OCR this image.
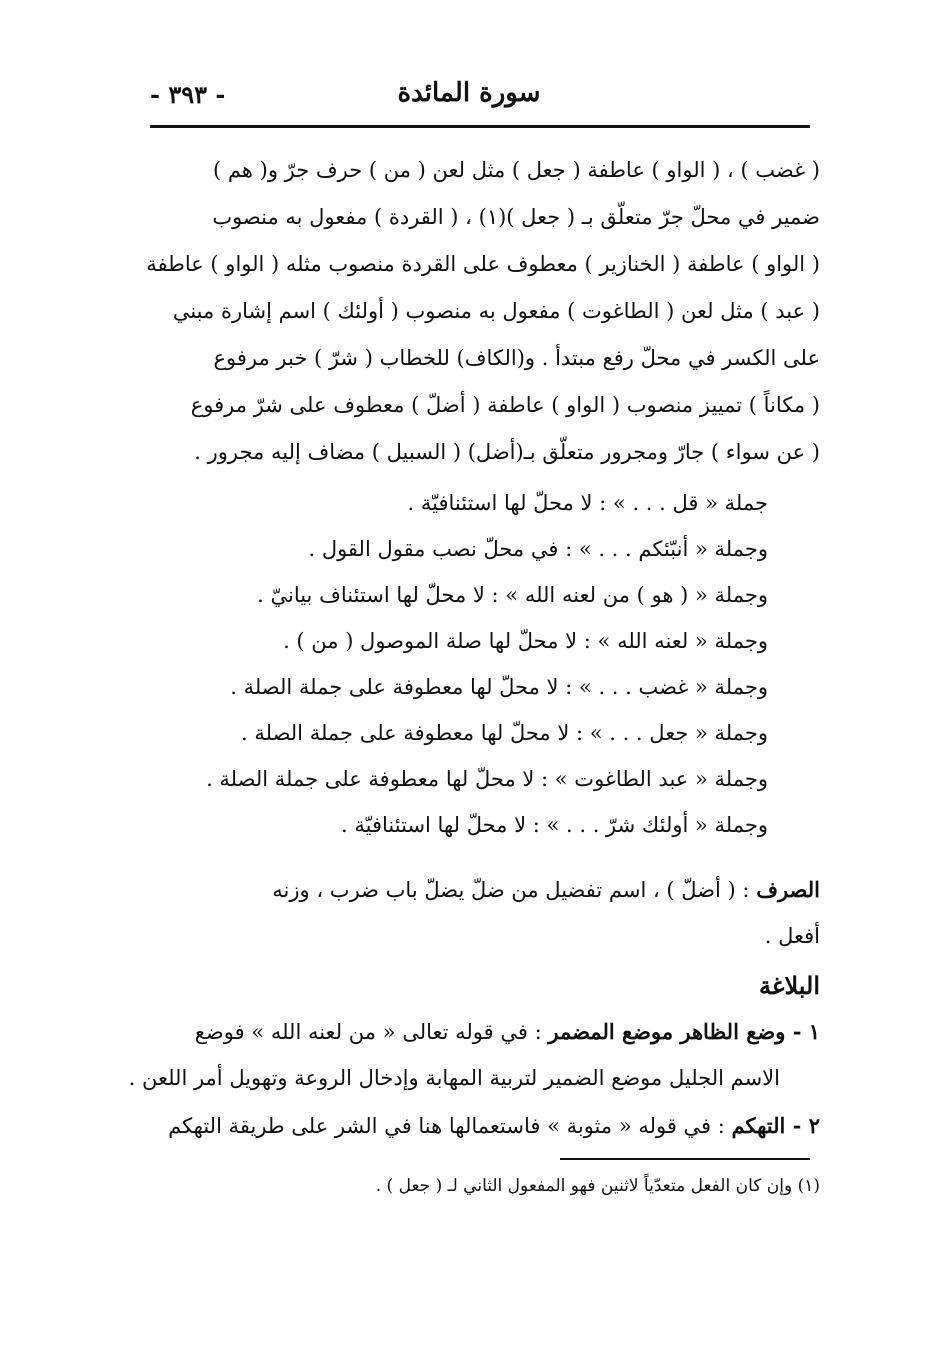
سورة المائدة
- ٣٩٣ -
( غضب ) ، ( الواو ) عاطفة ( جعل ) مثل لعن ( من ) حرف جرّ و( هم )
ضمير في محلّ جرّ متعلّق بـ ( جعل )(١) ، ( القردة ) مفعول به منصوب
( الواو ) عاطفة ( الخنازير ) معطوف على القردة منصوب مثله ( الواو ) عاطفة
( عبد ) مثل لعن ( الطاغوت ) مفعول به منصوب ( أولئك ) اسم إشارة مبني
على الكسر في محلّ رفع مبتدأ . و(الكاف) للخطاب ( شرّ ) خبر مرفوع
( مكاناً ) تمييز منصوب ( الواو ) عاطفة ( أضلّ ) معطوف على شرّ مرفوع
( عن سواء ) جارّ ومجرور متعلّق بـ(أضل) ( السبيل ) مضاف إليه مجرور .
جملة « قل . . . » : لا محلّ لها استئنافيّة .
وجملة « أنبّئكم . . . » : في محلّ نصب مقول القول .
وجملة « ( هو ) من لعنه الله » : لا محلّ لها استئناف بيانيّ .
وجملة « لعنه الله » : لا محلّ لها صلة الموصول ( من ) .
وجملة « غضب . . . » : لا محلّ لها معطوفة على جملة الصلة .
وجملة « جعل . . . » : لا محلّ لها معطوفة على جملة الصلة .
وجملة « عبد الطاغوت » : لا محلّ لها معطوفة على جملة الصلة .
وجملة « أولئك شرّ . . . » : لا محلّ لها استئنافيّة .
الصرف : ( أضلّ ) ، اسم تفضيل من ضلّ يضلّ باب ضرب ، وزنه
أفعل .
البلاغة
١ - وضع الظاهر موضع المضمر : في قوله تعالى « من لعنه الله » فوضع
الاسم الجليل موضع الضمير لتربية المهابة وإدخال الروعة وتهويل أمر اللعن .
٢ - التهكم : في قوله « مثوبة » فاستعمالها هنا في الشر على طريقة التهكم
(١) وإن كان الفعل متعدّياً لاثنين فهو المفعول الثاني لـ ( جعل ) .
